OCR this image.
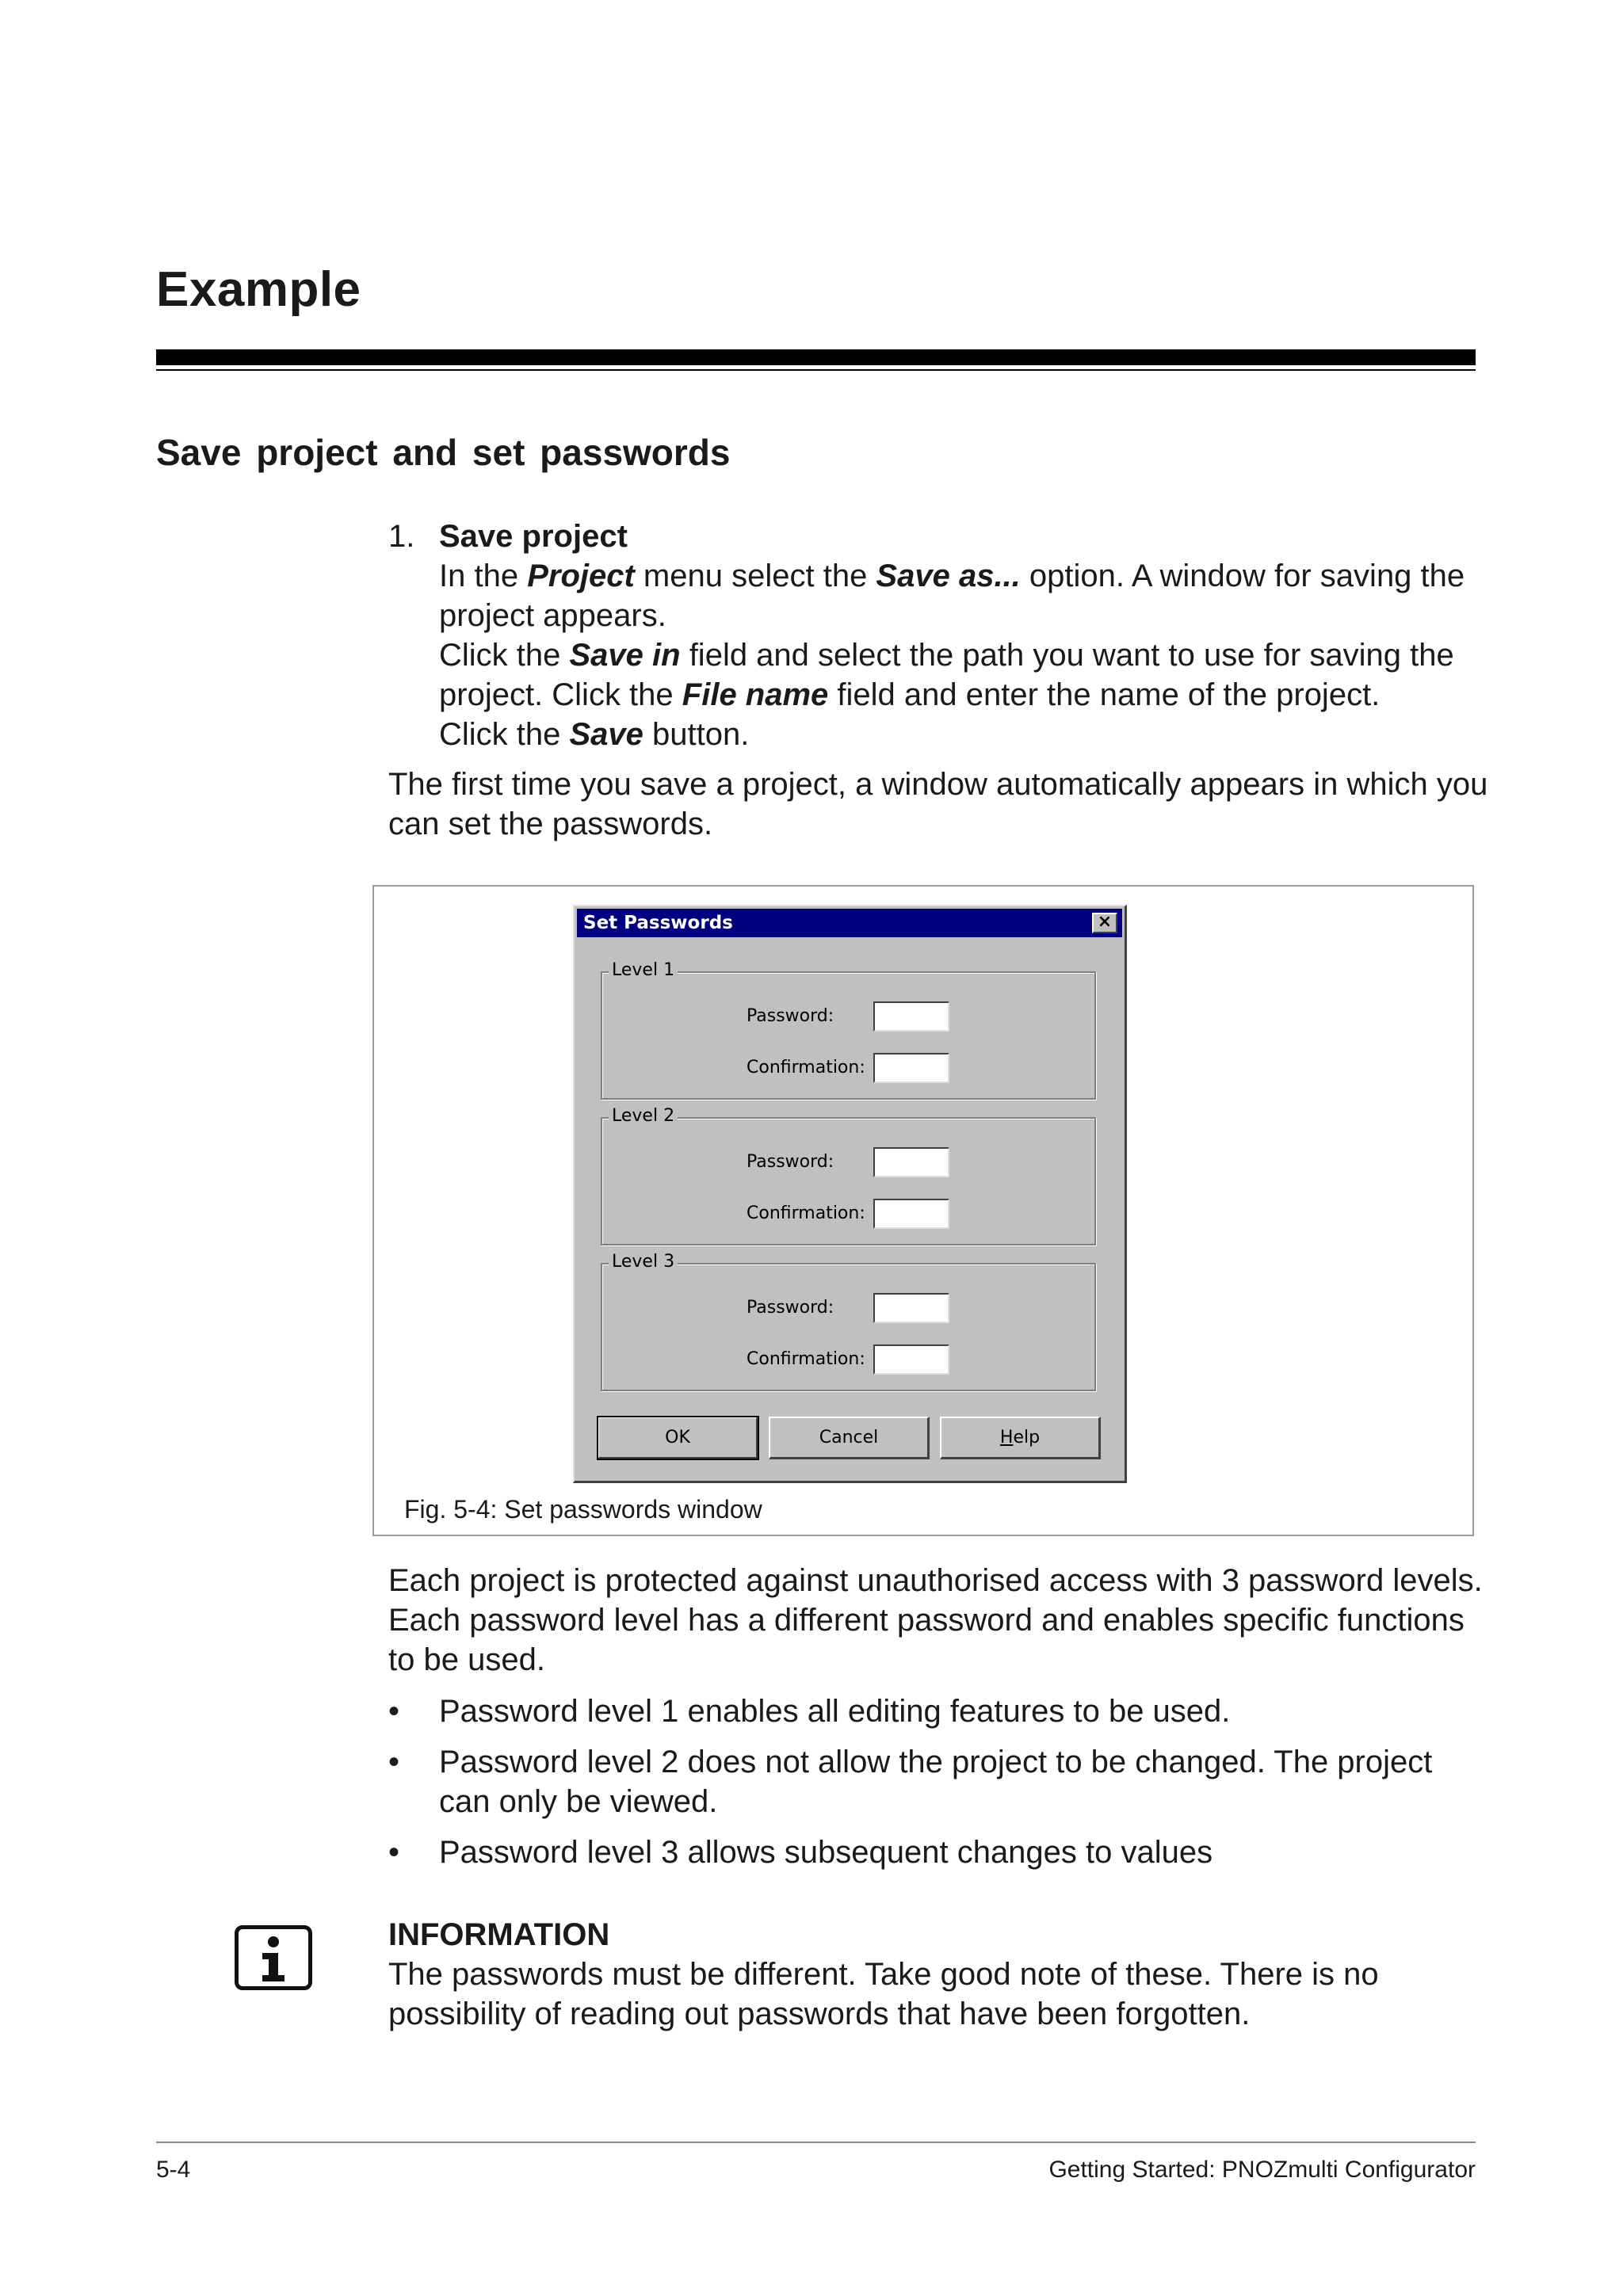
Example
Save project and set passwords
1. Save project
In the Project menu select the Save as... option. A window for saving the project appears.
Click the Save in field and select the path you want to use for saving the project. Click the File name field and enter the name of the project.
Click the Save button.
The first time you save a project, a window automatically appears in which you can set the passwords.
Set Passwords	×
Level 1
Password:
Confirmation:
Level 2
Password:
Confirmation:
Level 3
Password:
Confirmation:
OK	Cancel	Help
Fig. 5-4: Set passwords window
Each project is protected against unauthorised access with 3 password levels. Each password level has a different password and enables specific functions to be used.
• Password level 1 enables all editing features to be used.
• Password level 2 does not allow the project to be changed. The project can only be viewed.
• Password level 3 allows subsequent changes to values
INFORMATION
The passwords must be different. Take good note of these. There is no possibility of reading out passwords that have been forgotten.
5-4	Getting Started: PNOZmulti Configurator
